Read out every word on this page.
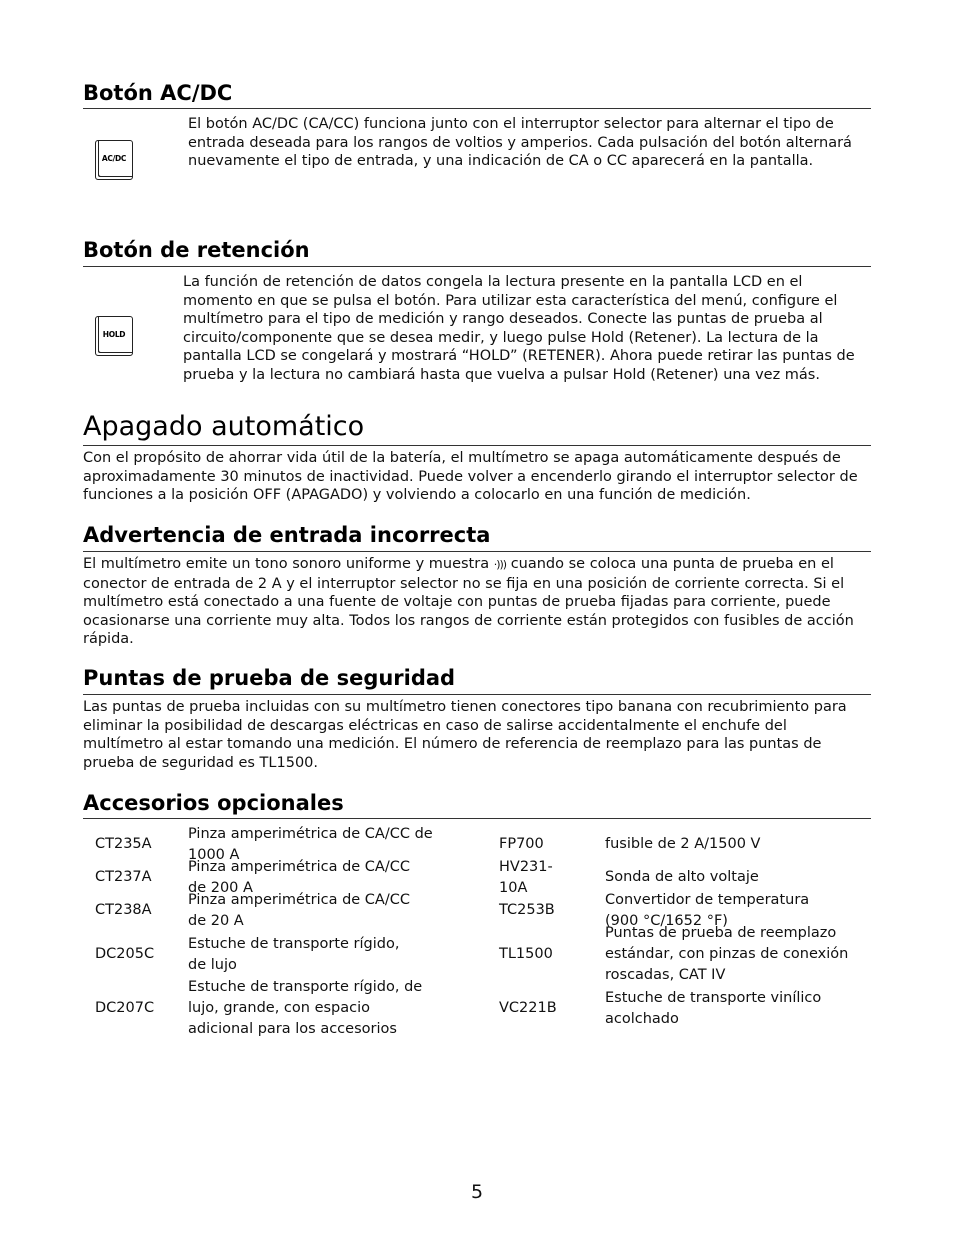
Botón AC/DC
AC/DC

El botón AC/DC (CA/CC) funciona junto con el interruptor selector para alternar el tipo de entrada deseada para los rangos de voltios y amperios. Cada pulsación del botón alternará nuevamente el tipo de entrada, y una indicación de CA o CC aparecerá en la pantalla.

Botón de retención
HOLD

La función de retención de datos congela la lectura presente en la pantalla LCD en el momento en que se pulsa el botón. Para utilizar esta característica del menú, configure el multímetro para el tipo de medición y rango deseados. Conecte las puntas de prueba al circuito/componente que se desea medir, y luego pulse Hold (Retener). La lectura de la pantalla LCD se congelará y mostrará “HOLD” (RETENER). Ahora puede retirar las puntas de prueba y la lectura no cambiará hasta que vuelva a pulsar Hold (Retener) una vez más.

Apagado automático

Con el propósito de ahorrar vida útil de la batería, el multímetro se apaga automáticamente después de aproximadamente 30 minutos de inactividad. Puede volver a encenderlo girando el interruptor selector de funciones a la posición OFF (APAGADO) y volviendo a colocarlo en una función de medición.

Advertencia de entrada incorrecta

El multímetro emite un tono sonoro uniforme y muestra ·))) cuando se coloca una punta de prueba en el conector de entrada de 2 A y el interruptor selector no se fija en una posición de corriente correcta. Si el multímetro está conectado a una fuente de voltaje con puntas de prueba fijadas para corriente, puede ocasionarse una corriente muy alta. Todos los rangos de corriente están protegidos con fusibles de acción rápida.

Puntas de prueba de seguridad

Las puntas de prueba incluidas con su multímetro tienen conectores tipo banana con recubrimiento para eliminar la posibilidad de descargas eléctricas en caso de salirse accidentalmente el enchufe del multímetro al estar tomando una medición. El número de referencia de reemplazo para las puntas de prueba de seguridad es TL1500.

Accesorios opcionales
CT235A
Pinza amperimétrica de CA/CC de 1000 A
CT237A
Pinza amperimétrica de CA/CC de 200 A
CT238A
Pinza amperimétrica de CA/CC de 20 A
DC205C
Estuche de transporte rígido, de lujo
DC207C
Estuche de transporte rígido, de lujo, grande, con espacio adicional para los accesorios
FP700	fusible de 2 A/1500 V
HV231-10A
Sonda de alto voltaje
TC253B
Convertidor de temperatura (900 °C/1652 °F)
TL1500
Puntas de prueba de reemplazo estándar, con pinzas de conexión roscadas, CAT IV
VC221B
Estuche de transporte vinílico acolchado
5
